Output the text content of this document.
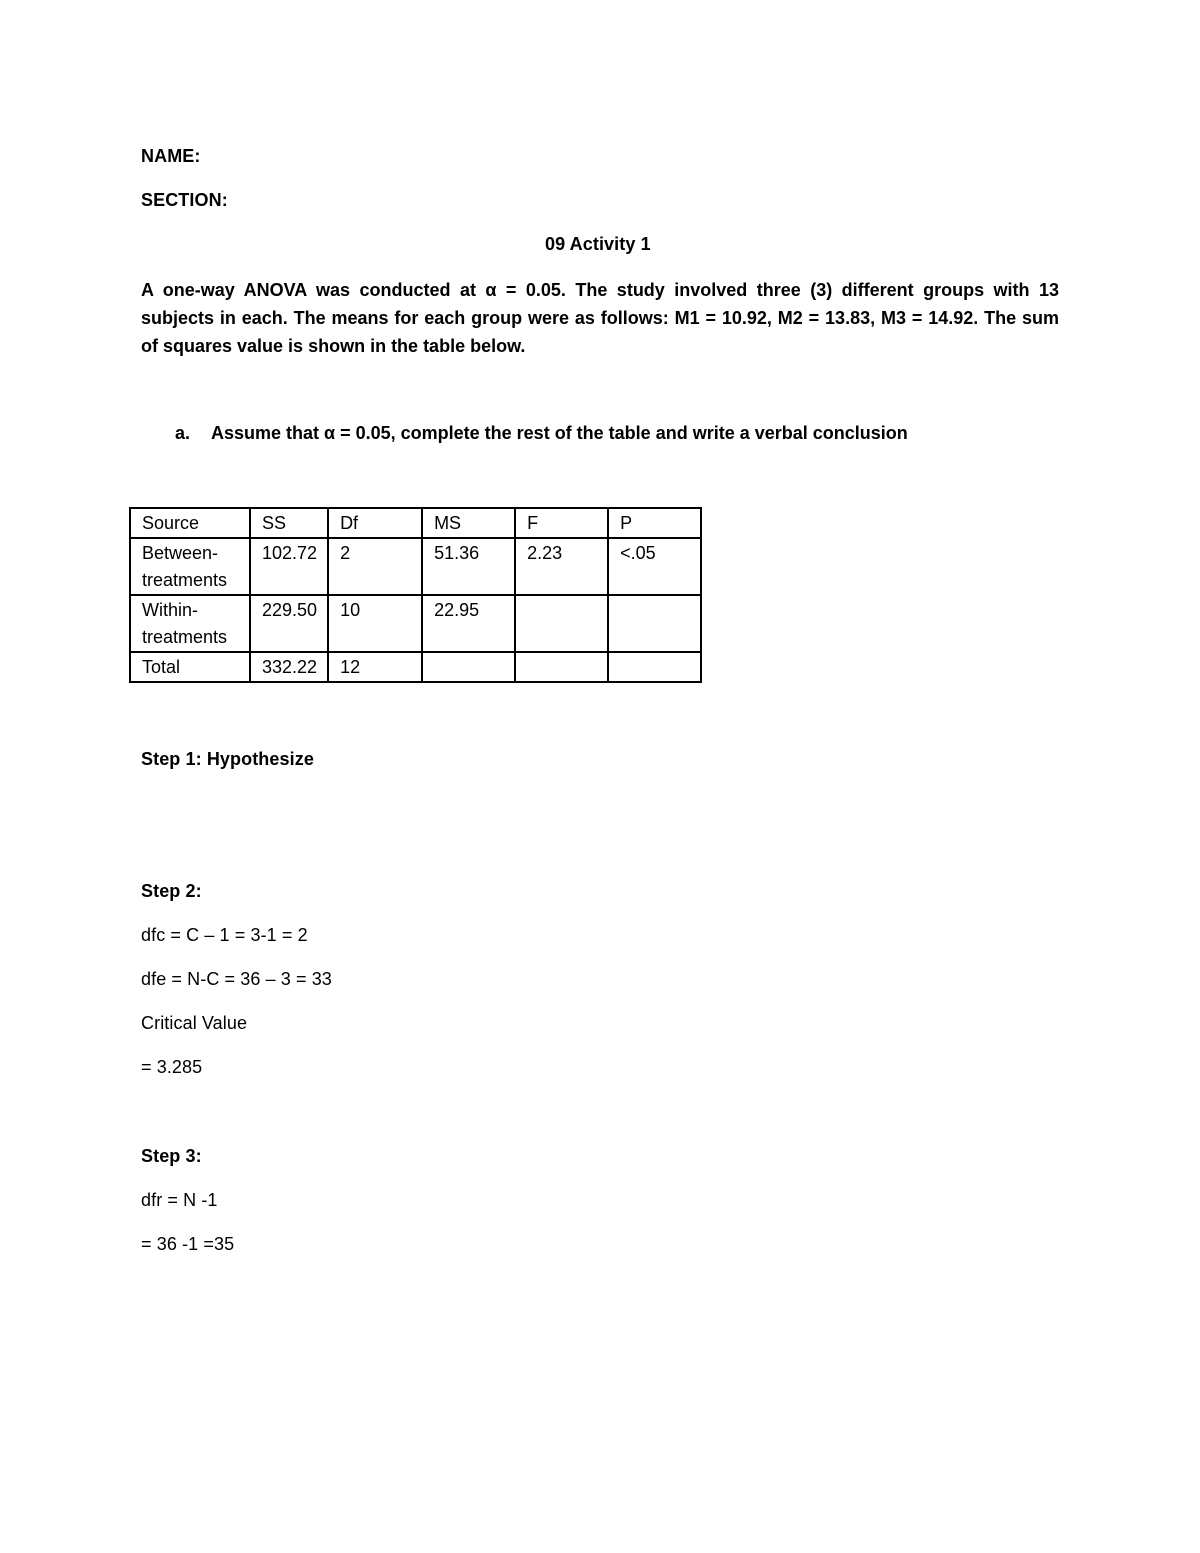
NAME:
SECTION:
09 Activity 1
A one-way ANOVA was conducted at α = 0.05. The study involved three (3) different groups with 13 subjects in each. The means for each group were as follows: M1 = 10.92, M2 = 13.83, M3 = 14.92. The sum of squares value is shown in the table below.
a. Assume that α = 0.05, complete the rest of the table and write a verbal conclusion
Source	SS	Df	MS	F	P
Between-treatments	102.72	2	51.36	2.23	<.05
Within-treatments	229.50	10	22.95		
Total	332.22	12			
Step 1: Hypothesize
Step 2:
dfc = C – 1 = 3-1 = 2
dfe = N-C = 36 – 3 = 33
Critical Value
= 3.285
Step 3:
dfr = N -1
= 36 -1 =35
